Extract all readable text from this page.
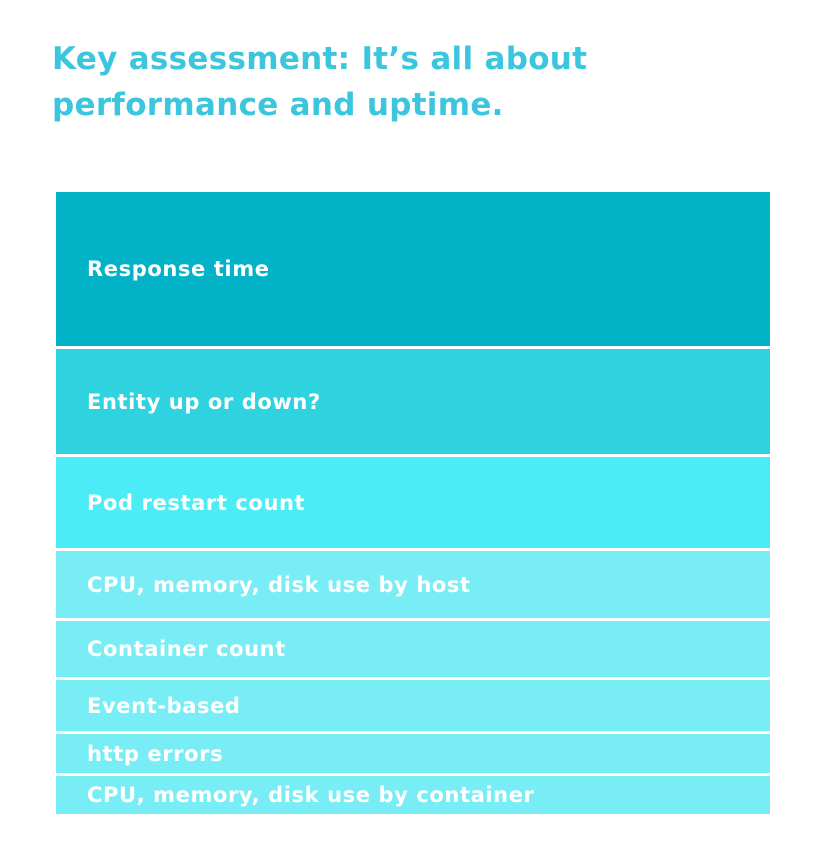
Key assessment: It’s all about
performance and uptime.
Response time
Entity up or down?
Pod restart count
CPU, memory, disk use by host
Container count
Event-based
http errors
CPU, memory, disk use by container
